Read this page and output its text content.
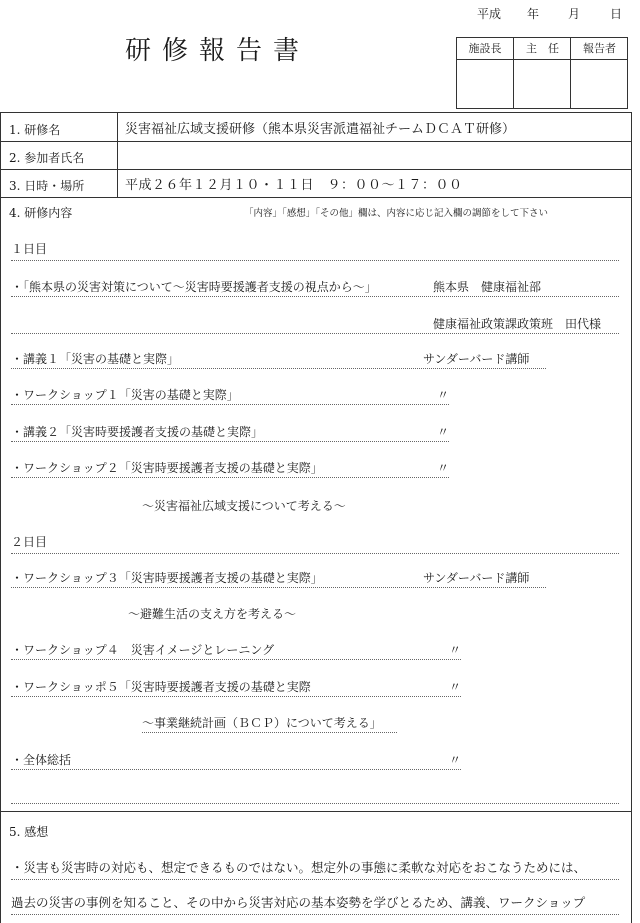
平成 年 月 日
研修報告書	施設長	主　任	報告者
1. 研修名	災害福祉広域支援研修（熊本県災害派遣福祉チームＤＣＡＴ研修）
2. 参加者氏名
3. 日時・場所	平成２６年１２月１０・１１日　９：００～１７：００
4. 研修内容	「内容」「感想」「その他」欄は、内容に応じ記入欄の調節をして下さい
１日目
・「熊本県の災害対策について～災害時要援護者支援の視点から～」	熊本県　健康福祉部
健康福祉政策課政策班　田代様
・講義１「災害の基礎と実際」	サンダーバード講師
・ワークショップ１「災害の基礎と実際」	〃
・講義２「災害時要援護者支援の基礎と実際」	〃
・ワークショップ２「災害時要援護者支援の基礎と実際」	〃
～災害福祉広域支援について考える～
２日目
・ワークショップ３「災害時要援護者支援の基礎と実際」	サンダーバード講師
～避難生活の支え方を考える～
・ワークショップ４　災害イメージとレーニング	〃
・ワークショッポ５「災害時要援護者支援の基礎と実際	〃
～事業継続計画（ＢＣＰ）について考える」
・全体総括	〃
5. 感想
・災害も災害時の対応も、想定できるものではない。想定外の事態に柔軟な対応をおこなうためには、
過去の災害の事例を知ること、その中から災害対応の基本姿勢を学びとるため、講義、ワークショップ
